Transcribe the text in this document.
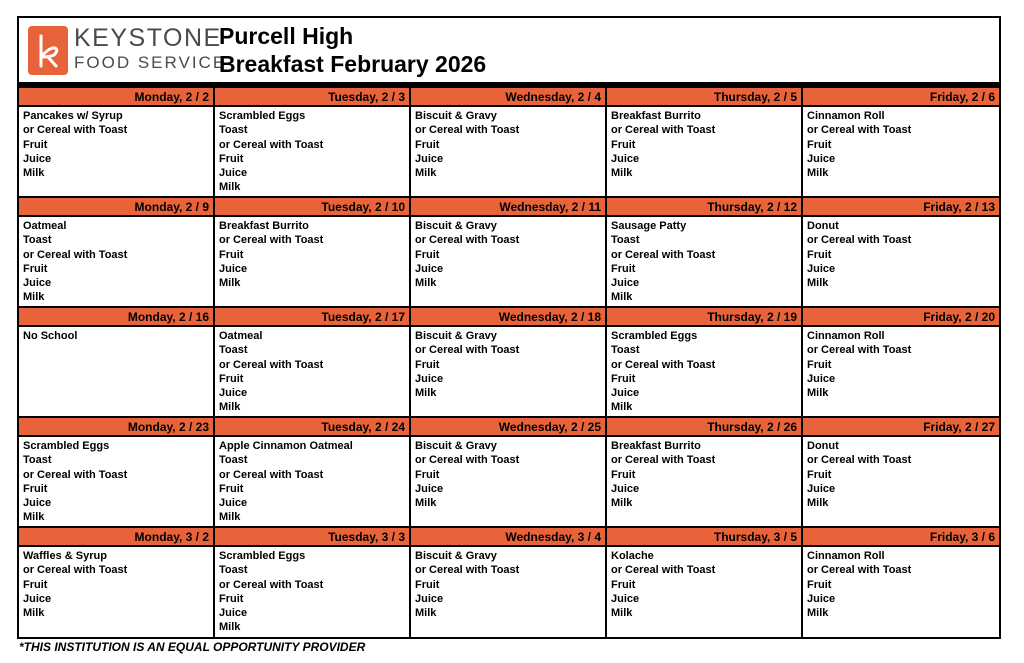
KEYSTONE
FOOD SERVICE
Purcell High
Breakfast February 2026
Monday, 2 / 2
Pancakes w/ Syrup
or Cereal with Toast
Fruit
Juice
Milk
Tuesday, 2 / 3
Scrambled Eggs
Toast
or Cereal with Toast
Fruit
Juice
Milk
Wednesday, 2 / 4
Biscuit & Gravy
or Cereal with Toast
Fruit
Juice
Milk
Thursday, 2 / 5
Breakfast Burrito
or Cereal with Toast
Fruit
Juice
Milk
Friday, 2 / 6
Cinnamon Roll
or Cereal with Toast
Fruit
Juice
Milk
Monday, 2 / 9
Oatmeal
Toast
or Cereal with Toast
Fruit
Juice
Milk
Tuesday, 2 / 10
Breakfast Burrito
or Cereal with Toast
Fruit
Juice
Milk
Wednesday, 2 / 11
Biscuit & Gravy
or Cereal with Toast
Fruit
Juice
Milk
Thursday, 2 / 12
Sausage Patty
Toast
or Cereal with Toast
Fruit
Juice
Milk
Friday, 2 / 13
Donut
or Cereal with Toast
Fruit
Juice
Milk
Monday, 2 / 16
No School
Tuesday, 2 / 17
Oatmeal
Toast
or Cereal with Toast
Fruit
Juice
Milk
Wednesday, 2 / 18
Biscuit & Gravy
or Cereal with Toast
Fruit
Juice
Milk
Thursday, 2 / 19
Scrambled Eggs
Toast
or Cereal with Toast
Fruit
Juice
Milk
Friday, 2 / 20
Cinnamon Roll
or Cereal with Toast
Fruit
Juice
Milk
Monday, 2 / 23
Scrambled Eggs
Toast
or Cereal with Toast
Fruit
Juice
Milk
Tuesday, 2 / 24
Apple Cinnamon Oatmeal
Toast
or Cereal with Toast
Fruit
Juice
Milk
Wednesday, 2 / 25
Biscuit & Gravy
or Cereal with Toast
Fruit
Juice
Milk
Thursday, 2 / 26
Breakfast Burrito
or Cereal with Toast
Fruit
Juice
Milk
Friday, 2 / 27
Donut
or Cereal with Toast
Fruit
Juice
Milk
Monday, 3 / 2
Waffles & Syrup
or Cereal with Toast
Fruit
Juice
Milk
Tuesday, 3 / 3
Scrambled Eggs
Toast
or Cereal with Toast
Fruit
Juice
Milk
Wednesday, 3 / 4
Biscuit & Gravy
or Cereal with Toast
Fruit
Juice
Milk
Thursday, 3 / 5
Kolache
or Cereal with Toast
Fruit
Juice
Milk
Friday, 3 / 6
Cinnamon Roll
or Cereal with Toast
Fruit
Juice
Milk
*THIS INSTITUTION IS AN EQUAL OPPORTUNITY PROVIDER
